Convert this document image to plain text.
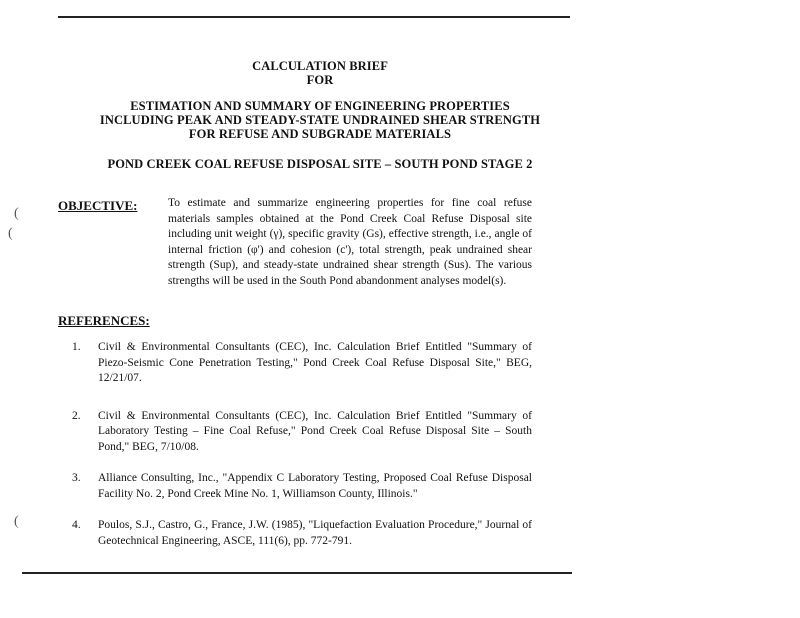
CALCULATION BRIEF
FOR
ESTIMATION AND SUMMARY OF ENGINEERING PROPERTIES
INCLUDING PEAK AND STEADY-STATE UNDRAINED SHEAR STRENGTH
FOR REFUSE AND SUBGRADE MATERIALS
POND CREEK COAL REFUSE DISPOSAL SITE – SOUTH POND STAGE 2
(
(
OBJECTIVE:	To estimate and summarize engineering properties for fine coal refuse materials samples obtained at the Pond Creek Coal Refuse Disposal site including unit weight (γ), specific gravity (Gs), effective strength, i.e., angle of internal friction (φ') and cohesion (c'), total strength, peak undrained shear strength (Sup), and steady-state undrained shear strength (Sus). The various strengths will be used in the South Pond abandonment analyses model(s).
REFERENCES:
1. Civil & Environmental Consultants (CEC), Inc. Calculation Brief Entitled "Summary of Piezo-Seismic Cone Penetration Testing," Pond Creek Coal Refuse Disposal Site," BEG, 12/21/07.
2. Civil & Environmental Consultants (CEC), Inc. Calculation Brief Entitled "Summary of Laboratory Testing – Fine Coal Refuse," Pond Creek Coal Refuse Disposal Site – South Pond," BEG, 7/10/08.
3. Alliance Consulting, Inc., "Appendix C Laboratory Testing, Proposed Coal Refuse Disposal Facility No. 2, Pond Creek Mine No. 1, Williamson County, Illinois."
4. Poulos, S.J., Castro, G., France, J.W. (1985), "Liquefaction Evaluation Procedure," Journal of Geotechnical Engineering, ASCE, 111(6), pp. 772-791.
(
